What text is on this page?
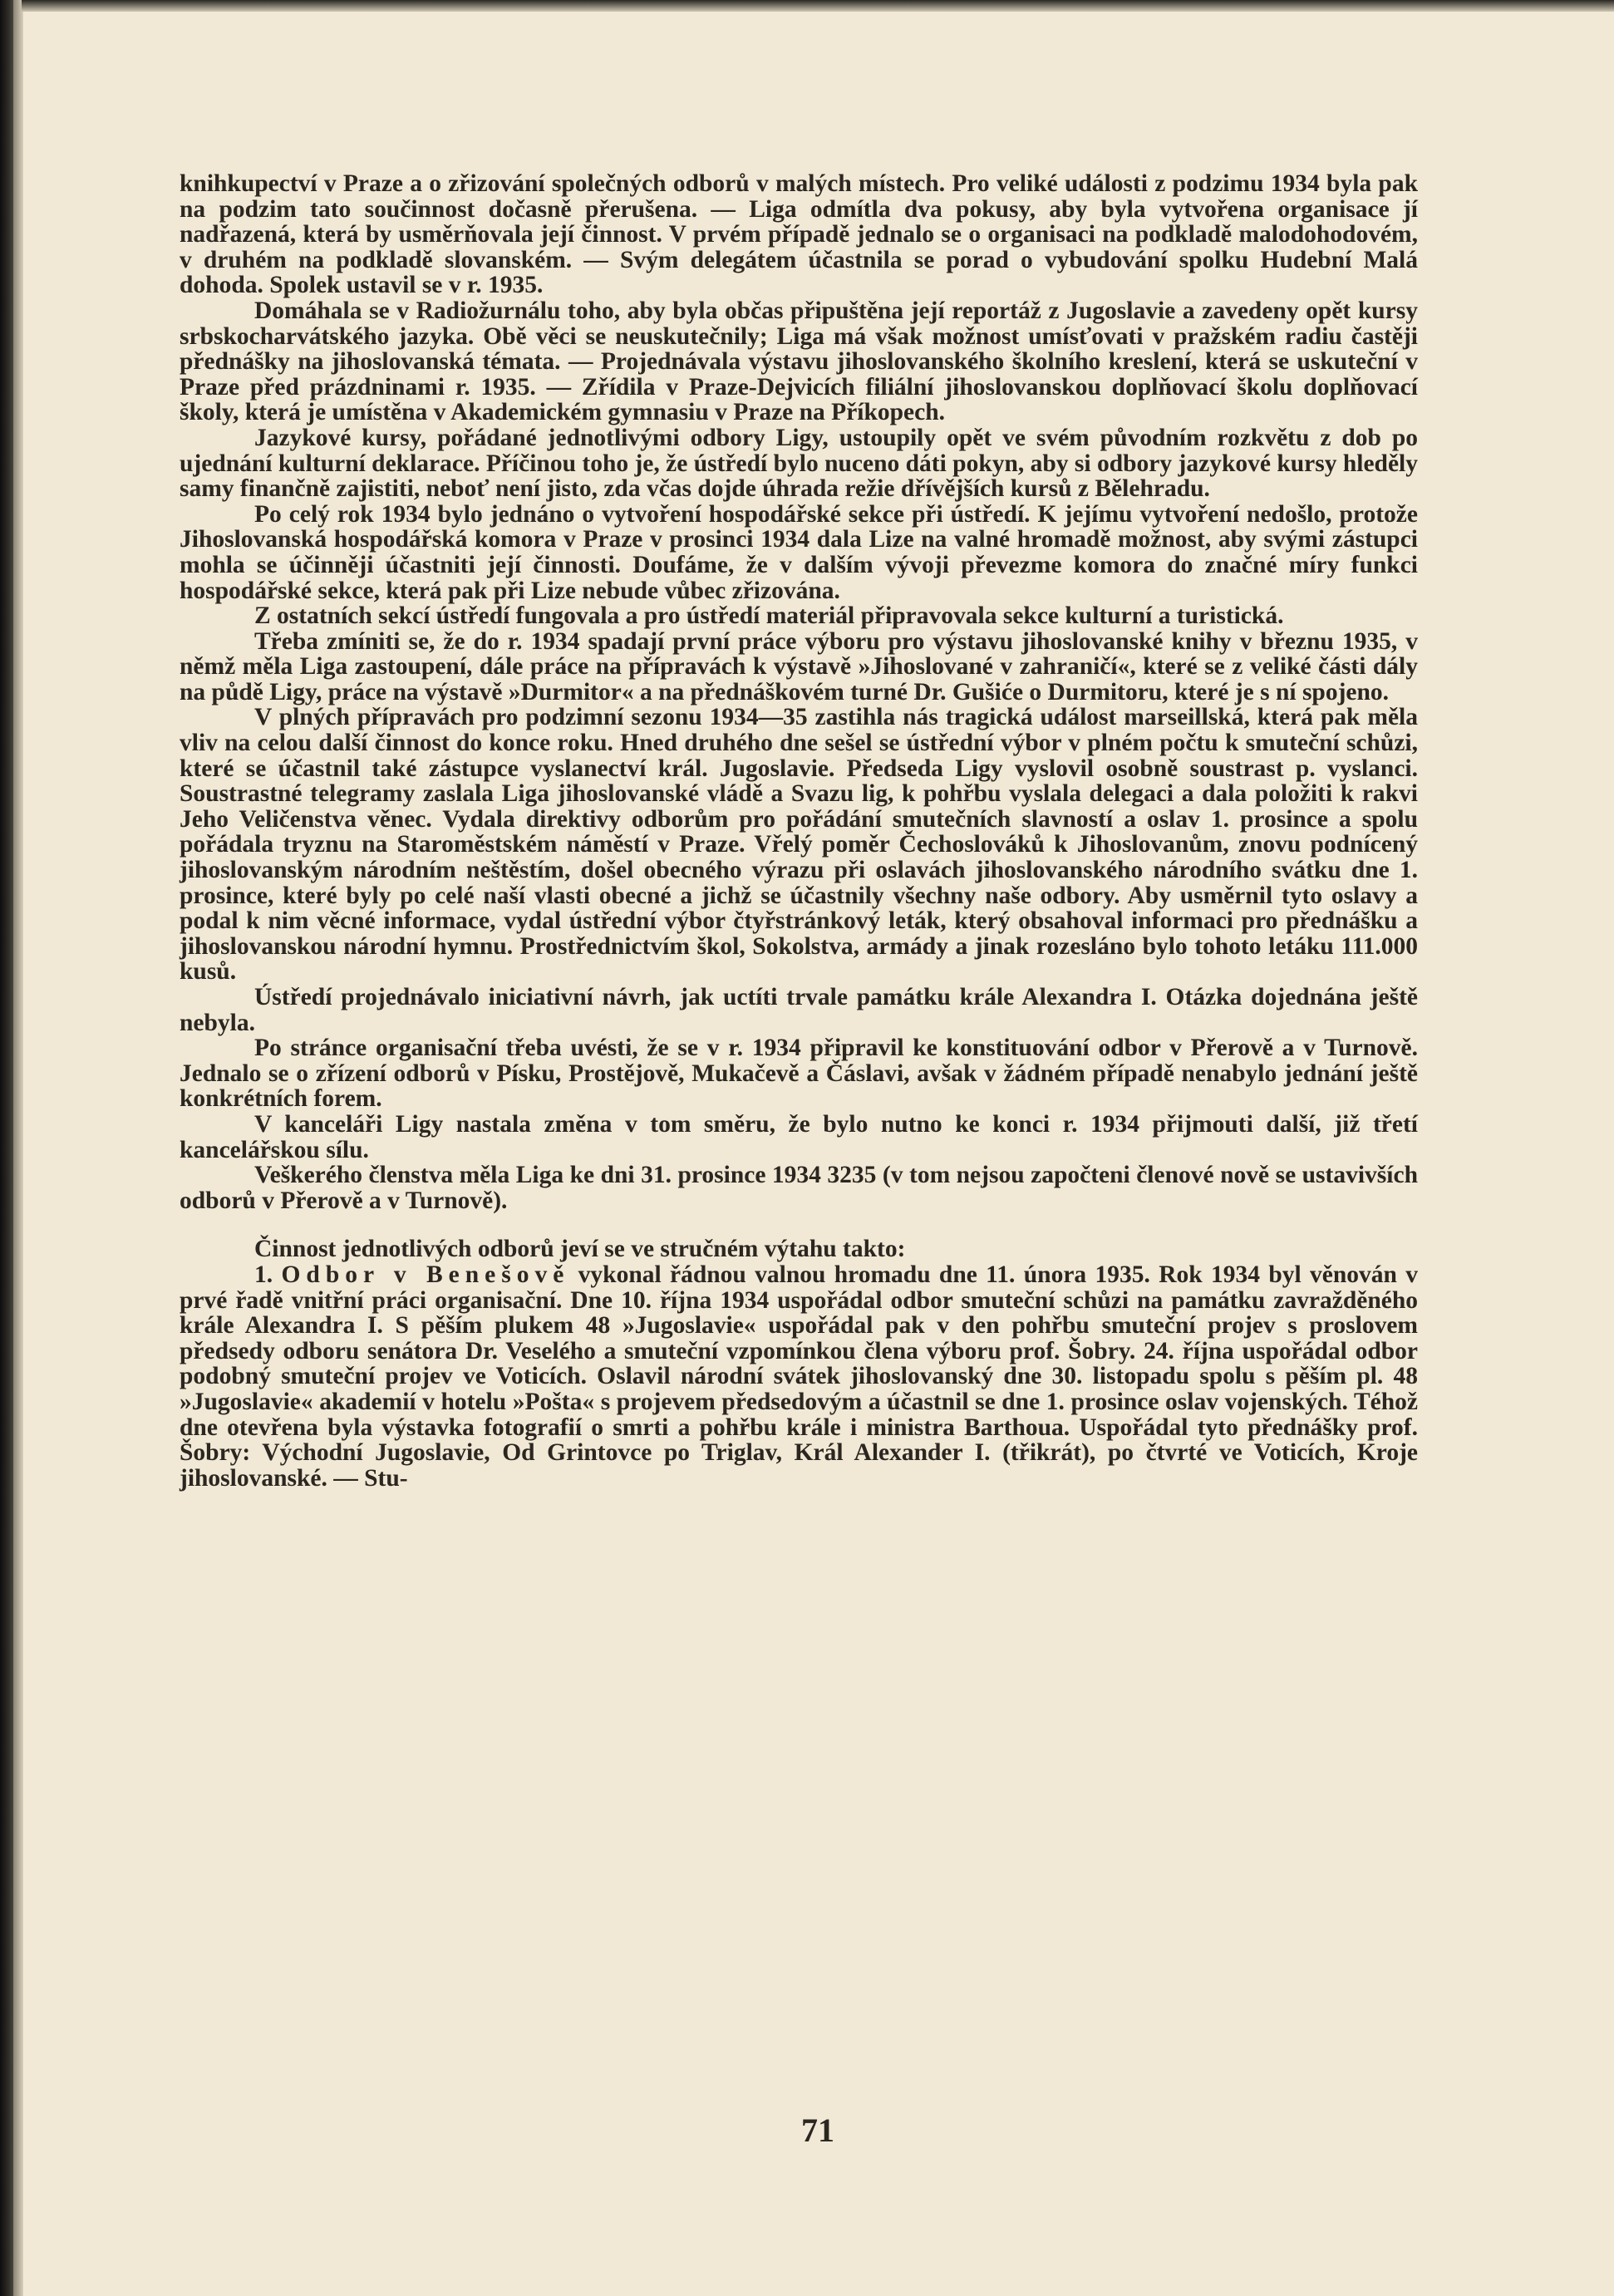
knihkupectví v Praze a o zřizování společných odborů v malých místech. Pro veliké události z podzimu 1934 byla pak na podzim tato součinnost dočasně přerušena. — Liga odmítla dva pokusy, aby byla vytvořena organisace jí nadřazená, která by usměrňovala její činnost. V prvém případě jednalo se o organisaci na podkladě malodohodovém, v druhém na podkladě slovanském. — Svým delegátem účastnila se porad o vybudování spolku Hudební Malá dohoda. Spolek ustavil se v r. 1935.

Domáhala se v Radiožurnálu toho, aby byla občas připuštěna její reportáž z Jugoslavie a zavedeny opět kursy srbskocharvátského jazyka. Obě věci se neuskutečnily; Liga má však možnost umísťovati v pražském radiu častěji přednášky na jihoslovanská témata. — Projednávala výstavu jihoslovanského školního kreslení, která se uskuteční v Praze před prázdninami r. 1935. — Zřídila v Praze-Dejvicích filiální jihoslovanskou doplňovací školu doplňovací školy, která je umístěna v Akademickém gymnasiu v Praze na Příkopech.

Jazykové kursy, pořádané jednotlivými odbory Ligy, ustoupily opět ve svém původním rozkvětu z dob po ujednání kulturní deklarace. Příčinou toho je, že ústředí bylo nuceno dáti pokyn, aby si odbory jazykové kursy hleděly samy finančně zajistiti, neboť není jisto, zda včas dojde úhrada režie dřívějších kursů z Bělehradu.

Po celý rok 1934 bylo jednáno o vytvoření hospodářské sekce při ústředí. K jejímu vytvoření nedošlo, protože Jihoslovanská hospodářská komora v Praze v prosinci 1934 dala Lize na valné hromadě možnost, aby svými zástupci mohla se účinněji účastniti její činnosti. Doufáme, že v dalším vývoji převezme komora do značné míry funkci hospodářské sekce, která pak při Lize nebude vůbec zřizována.

Z ostatních sekcí ústředí fungovala a pro ústředí materiál připravovala sekce kulturní a turistická.

Třeba zmíniti se, že do r. 1934 spadají první práce výboru pro výstavu jihoslovanské knihy v březnu 1935, v němž měla Liga zastoupení, dále práce na přípravách k výstavě »Jihoslované v zahraničí«, které se z veliké části dály na půdě Ligy, práce na výstavě »Durmitor« a na přednáškovém turné Dr. Gušiće o Durmitoru, které je s ní spojeno.

V plných přípravách pro podzimní sezonu 1934—35 zastihla nás tragická událost marseillská, která pak měla vliv na celou další činnost do konce roku. Hned druhého dne sešel se ústřední výbor v plném počtu k smuteční schůzi, které se účastnil také zástupce vyslanectví král. Jugoslavie. Předseda Ligy vyslovil osobně soustrast p. vyslanci. Soustrastné telegramy zaslala Liga jihoslovanské vládě a Svazu lig, k pohřbu vyslala delegaci a dala položiti k rakvi Jeho Veličenstva věnec. Vydala direktivy odborům pro pořádání smutečních slavností a oslav 1. prosince a spolu pořádala tryznu na Staroměstském náměstí v Praze. Vřelý poměr Čechoslováků k Jihoslovanům, znovu podnícený jihoslovanským národním neštěstím, došel obecného výrazu při oslavách jihoslovanského národního svátku dne 1. prosince, které byly po celé naší vlasti obecné a jichž se účastnily všechny naše odbory. Aby usměrnil tyto oslavy a podal k nim věcné informace, vydal ústřední výbor čtyřstránkový leták, který obsahoval informaci pro přednášku a jihoslovanskou národní hymnu. Prostřednictvím škol, Sokolstva, armády a jinak rozesláno bylo tohoto letáku 111.000 kusů.

Ústředí projednávalo iniciativní návrh, jak uctíti trvale památku krále Alexandra I. Otázka dojednána ještě nebyla.

Po stránce organisační třeba uvésti, že se v r. 1934 připravil ke konstituování odbor v Přerově a v Turnově. Jednalo se o zřízení odborů v Písku, Prostějově, Mukačevě a Čáslavi, avšak v žádném případě nenabylo jednání ještě konkrétních forem.

V kanceláři Ligy nastala změna v tom směru, že bylo nutno ke konci r. 1934 přijmouti další, již třetí kancelářskou sílu.

Veškerého členstva měla Liga ke dni 31. prosince 1934 3235 (v tom nejsou započteni členové nově se ustavivších odborů v Přerově a v Turnově).

Činnost jednotlivých odborů jeví se ve stručném výtahu takto:

1. Odbor v Benešově vykonal řádnou valnou hromadu dne 11. února 1935. Rok 1934 byl věnován v prvé řadě vnitřní práci organisační. Dne 10. října 1934 uspořádal odbor smuteční schůzi na památku zavražděného krále Alexandra I. S pěším plukem 48 »Jugoslavie« uspořádal pak v den pohřbu smuteční projev s proslovem předsedy odboru senátora Dr. Veselého a smuteční vzpomínkou člena výboru prof. Šobry. 24. října uspořádal odbor podobný smuteční projev ve Voticích. Oslavil národní svátek jihoslovanský dne 30. listopadu spolu s pěším pl. 48 »Jugoslavie« akademií v hotelu »Pošta« s projevem předsedovým a účastnil se dne 1. prosince oslav vojenských. Téhož dne otevřena byla výstavka fotografií o smrti a pohřbu krále i ministra Barthoua. Uspořádal tyto přednášky prof. Šobry: Východní Jugoslavie, Od Grintovce po Triglav, Král Alexander I. (třikrát), po čtvrté ve Voticích, Kroje jihoslovanské. — Stu-

71
